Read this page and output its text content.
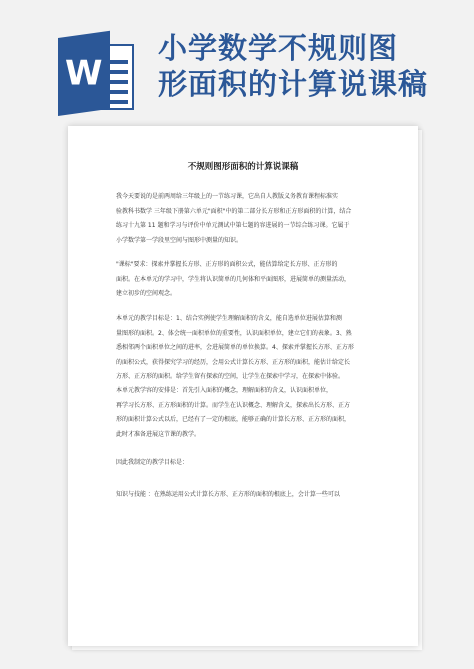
W
小学数学不规则图
形面积的计算说课稿
不规则图形面积的计算说课稿
我今天要说的是前两周给三年级上的一节练习课，它出自人教版义务教育课程标准实
验教科书数学 三年级下册第六单元"面积"中的第二部分长方形和正方形面积的计算，结合
练习十九第 11 题和学习与评价中单元测试中第七题的容进展的一节综合练习课。它属于
小学数学第一学段里空间与图形中测量的知识。
"课标"要求：探索并掌握长方形、正方形的面积公式，能估算给定长方形、正方形的
面积。在本单元的学习中，学生将认识简单的几何体和平面图形，进展简单的测量活动，
建立初步的空间观念。
本单元的教学目标是：1、结合实例使学生理解面积的含义，能自选单位进展估算和测
量图形的面积。2、体会统一面积单位的重要性，认识面积单位，建立它们的表象。3、熟
悉相邻两个面积单位之间的进率，会进展简单的单位换算。4、探索并掌握长方形、正方形
的面积公式，获得探究学习的经历，会用公式计算长方形、正方形的面积，能估计给定长
方形、正方形的面积。给学生留有探索的空间，让学生在探索中学习，在探索中体验。
本单元教学容的安排是：首先引入面积的概念，理解面积的含义，认识面积单位，
再学习长方形、正方形面积的计算。而学生在认识概念、理解含义，探索出长方形、正方
形的面积计算公式以后，已经有了一定的根底，能够正确的计算长方形、正方形的面积，
此时才准备进展这节课的教学。
因此我制定的教学目标是：
知识与技能 ：在熟练运用公式计算长方形、正方形的面积的根底上，会计算一些可以
